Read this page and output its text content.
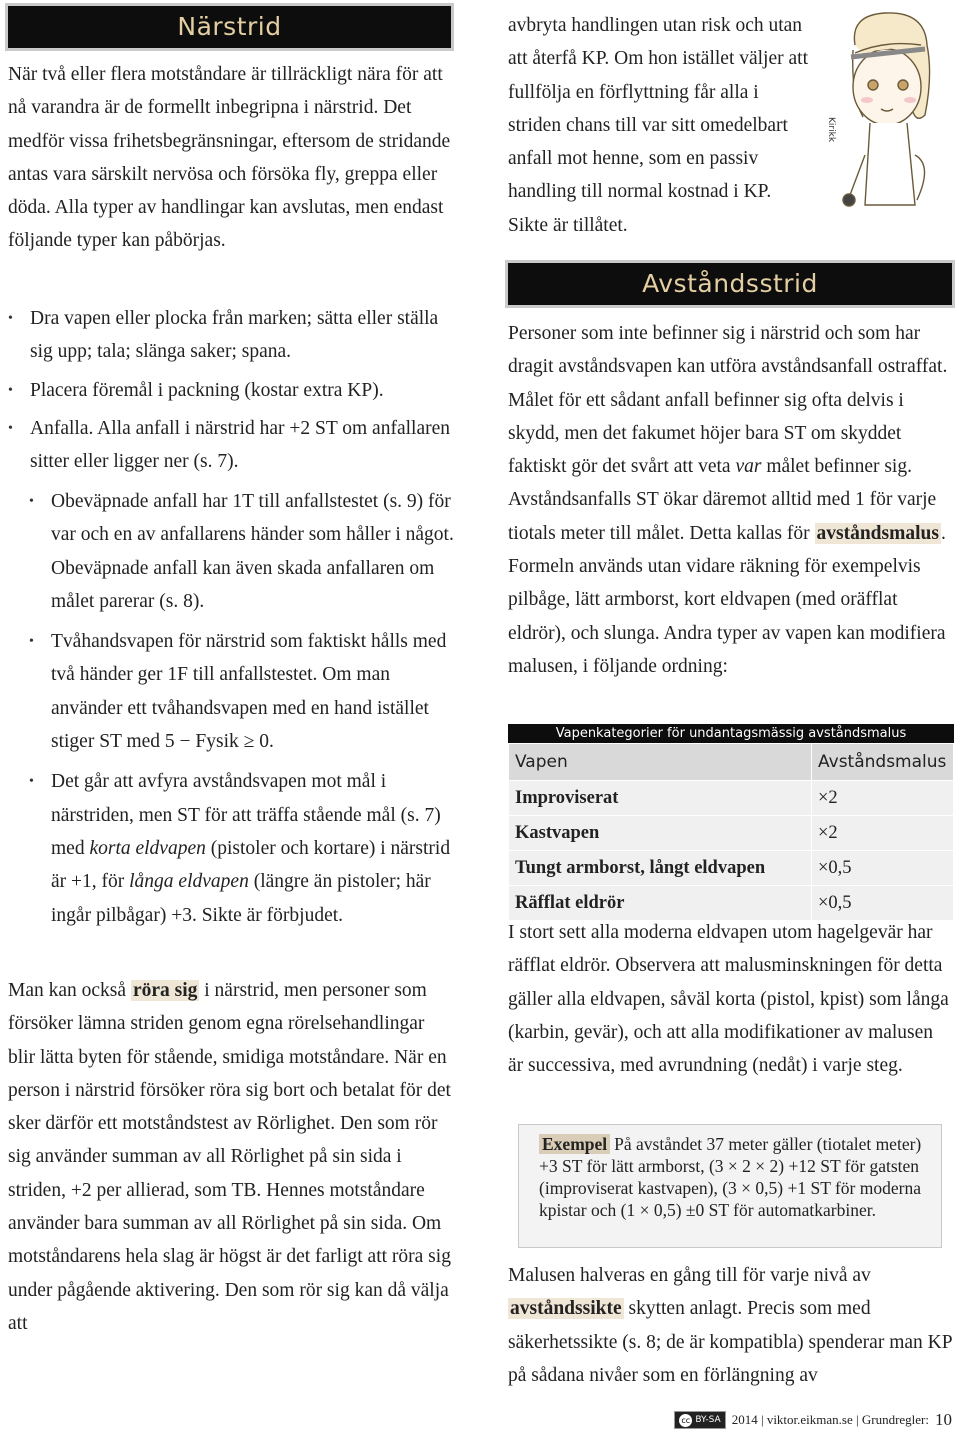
Närstrid

När två eller flera motståndare är tillräckligt nära för att nå varandra är de formellt inbegripna i närstrid. Det medför vissa frihetsbegränsningar, eftersom de stridande antas vara särskilt nervösa och försöka fly, greppa eller döda. Alla typer av handlingar kan avslutas, men endast följande typer kan påbörjas.

• Dra vapen eller plocka från marken; sätta eller ställa sig upp; tala; slänga saker; spana.
• Placera föremål i packning (kostar extra KP).
• Anfalla. Alla anfall i närstrid har +2 ST om anfallaren sitter eller ligger ner (s. 7).
• Obeväpnade anfall har 1T till anfallstestet (s. 9) för var och en av anfallarens händer som håller i något. Obeväpnade anfall kan även skada anfallaren om målet parerar (s. 8).
• Tvåhandsvapen för närstrid som faktiskt hålls med två händer ger 1F till anfallstestet. Om man använder ett tvåhandsvapen med en hand istället stiger ST med 5 − Fysik ≥ 0.
• Det går att avfyra avståndsvapen mot mål i närstriden, men ST för att träffa stående mål (s. 7) med korta eldvapen (pistoler och kortare) i närstrid är +1, för långa eldvapen (längre än pistoler; här ingår pilbågar) +3. Sikte är förbjudet.

Man kan också röra sig i närstrid, men personer som försöker lämna striden genom egna rörelsehandlingar blir lätta byten för stående, smidiga motståndare. När en person i närstrid försöker röra sig bort och betalat för det sker därför ett motståndstest av Rörlighet. Den som rör sig använder summan av all Rörlighet på sin sida i striden, +2 per allierad, som TB. Hennes motståndare använder bara summan av all Rörlighet på sin sida. Om motståndarens hela slag är högst är det farligt att röra sig under pågående aktivering. Den som rör sig kan då välja att

avbryta handlingen utan risk och utan att återfå KP. Om hon istället väljer att fullfölja en förflyttning får alla i striden chans till var sitt omedelbart anfall mot henne, som en passiv handling till normal kostnad i KP. Sikte är tillåtet.

Kirikk
Avståndsstrid

Personer som inte befinner sig i närstrid och som har dragit avståndsvapen kan utföra avståndsanfall ostraffat. Målet för ett sådant anfall befinner sig ofta delvis i skydd, men det fakumet höjer bara ST om skyddet faktiskt gör det svårt att veta var målet befinner sig. Avståndsanfalls ST ökar däremot alltid med 1 för varje tiotals meter till målet. Detta kallas för avståndsmalus . Formeln används utan vidare räkning för exempelvis pilbåge, lätt armborst, kort eldvapen (med oräfflat eldrör), och slunga. Andra typer av vapen kan modifiera malusen, i följande ordning:

Vapenkategorier för undantagsmässig avståndsmalus
Vapen	Avståndsmalus
Improviserat	×2
Kastvapen	×2
Tungt armborst, långt eldvapen	×0,5
Räfflat eldrör	×0,5

I stort sett alla moderna eldvapen utom hagelgevär har räfflat eldrör. Observera att malusminskningen för detta gäller alla eldvapen, såväl korta (pistol, kpist) som långa (karbin, gevär), och att alla modifikationer av malusen är successiva, med avrundning (nedåt) i varje steg.

Exempel På avståndet 37 meter gäller (tiotalet meter) +3 ST för lätt armborst, (3 × 2 × 2) +12 ST för gatsten (improviserat kastvapen), (3 × 0,5) +1 ST för moderna kpistar och (1 × 0,5) ±0 ST för automatkarbiner.

Malusen halveras en gång till för varje nivå av avståndssikte skytten anlagt. Precis som med säkerhetssikte (s. 8; de är kompatibla) spenderar man KP på sådana nivåer som en förlängning av

cc BY-SA 2014 | viktor.eikman.se | Grundregler: 10
